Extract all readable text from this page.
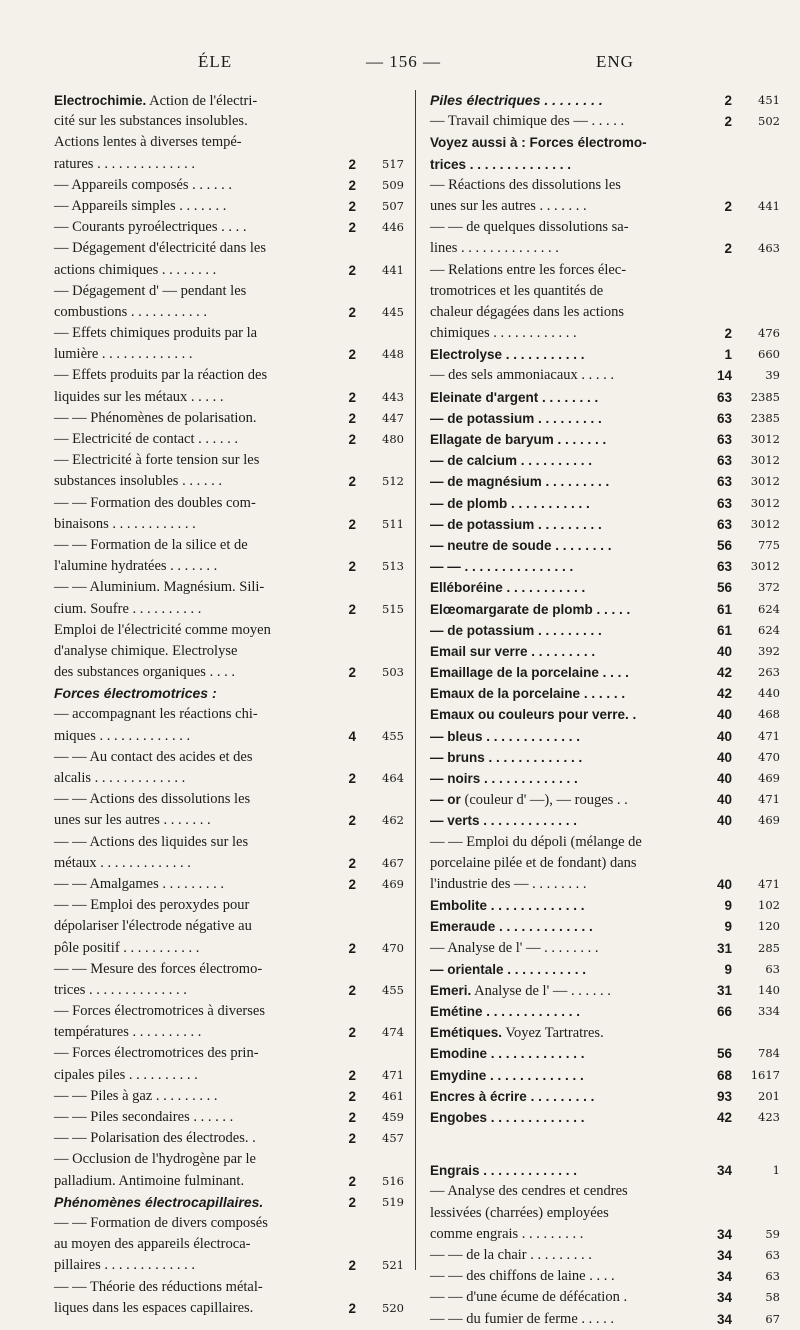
ÉLE	— 156 —	ENG
Electrochimie. Action de l'électri-
cité sur les substances insolubles.
Actions lentes à diverses tempé-
ratures . . . . . . . . . . . . . .	2	517
— Appareils composés . . . . . .	2	509
— Appareils simples . . . . . . .	2	507
— Courants pyroélectriques . . . .	2	446
— Dégagement d'électricité dans les
actions chimiques . . . . . . . .	2	441
— Dégagement d' — pendant les
combustions . . . . . . . . . . .	2	445
— Effets chimiques produits par la
lumière . . . . . . . . . . . . .	2	448
— Effets produits par la réaction des
liquides sur les métaux . . . . .	2	443
— — Phénomènes de polarisation.	2	447
— Electricité de contact . . . . . .	2	480
— Electricité à forte tension sur les
substances insolubles . . . . . .	2	512
— — Formation des doubles com-
binaisons . . . . . . . . . . . .	2	511
— — Formation de la silice et de
l'alumine hydratées . . . . . . .	2	513
— — Aluminium. Magnésium. Sili-
cium. Soufre . . . . . . . . . .	2	515
Emploi de l'électricité comme moyen
d'analyse chimique. Electrolyse
des substances organiques . . . .	2	503
Forces électromotrices :
— accompagnant les réactions chi-
miques . . . . . . . . . . . . .	4	455
— — Au contact des acides et des
alcalis . . . . . . . . . . . . .	2	464
— — Actions des dissolutions les
unes sur les autres . . . . . . .	2	462
— — Actions des liquides sur les
métaux . . . . . . . . . . . . .	2	467
— — Amalgames . . . . . . . . .	2	469
— — Emploi des peroxydes pour
dépolariser l'électrode négative au
pôle positif . . . . . . . . . . .	2	470
— — Mesure des forces électromo-
trices . . . . . . . . . . . . . .	2	455
— Forces électromotrices à diverses
températures . . . . . . . . . .	2	474
— Forces électromotrices des prin-
cipales piles . . . . . . . . . .	2	471
— — Piles à gaz . . . . . . . . .	2	461
— — Piles secondaires . . . . . .	2	459
— — Polarisation des électrodes. .	2	457
— Occlusion de l'hydrogène par le
palladium. Antimoine fulminant.	2	516
Phénomènes électrocapillaires.	2	519
— — Formation de divers composés
au moyen des appareils électroca-
pillaires . . . . . . . . . . . . .	2	521
— — Théorie des réductions métal-
liques dans les espaces capillaires.	2	520
Piles électriques . . . . . . . .	2	451
— Travail chimique des — . . . . .	2	502
Voyez aussi à : Forces électromo-
trices . . . . . . . . . . . . . .
— Réactions des dissolutions les
unes sur les autres . . . . . . .	2	441
— — de quelques dissolutions sa-
lines . . . . . . . . . . . . . .	2	463
— Relations entre les forces élec-
tromotrices et les quantités de
chaleur dégagées dans les actions
chimiques . . . . . . . . . . . .	2	476
Electrolyse . . . . . . . . . . .	1	660
— des sels ammoniacaux . . . . .	14	39
Eleinate d'argent . . . . . . . .	63	2385
— de potassium . . . . . . . . .	63	2385
Ellagate de baryum . . . . . . .	63	3012
— de calcium . . . . . . . . . .	63	3012
— de magnésium . . . . . . . . .	63	3012
— de plomb . . . . . . . . . . .	63	3012
— de potassium . . . . . . . . .	63	3012
— neutre de soude . . . . . . . .	56	775
— — . . . . . . . . . . . . . . .	63	3012
Elléboréine . . . . . . . . . . .	56	372
Elœomargarate de plomb . . . . .	61	624
— de potassium . . . . . . . . .	61	624
Email sur verre . . . . . . . . .	40	392
Emaillage de la porcelaine . . . .	42	263
Emaux de la porcelaine . . . . . .	42	440
Emaux ou couleurs pour verre. .	40	468
— bleus . . . . . . . . . . . . .	40	471
— bruns . . . . . . . . . . . . .	40	470
— noirs . . . . . . . . . . . . .	40	469
— or (couleur d' —), — rouges . .	40	471
— verts . . . . . . . . . . . . .	40	469
— — Emploi du dépoli (mélange de
porcelaine pilée et de fondant) dans
l'industrie des — . . . . . . . .	40	471
Embolite . . . . . . . . . . . . .	9	102
Emeraude . . . . . . . . . . . . .	9	120
— Analyse de l' — . . . . . . . .	31	285
— orientale . . . . . . . . . . .	9	63
Emeri. Analyse de l' — . . . . . .	31	140
Emétine . . . . . . . . . . . . .	66	334
Emétiques. Voyez Tartratres.
Emodine . . . . . . . . . . . . .	56	784
Emydine . . . . . . . . . . . . .	68	1617
Encres à écrire . . . . . . . . .	93	201
Engobes . . . . . . . . . . . . .	42	423
Engrais . . . . . . . . . . . . .	34	1
— Analyse des cendres et cendres
lessivées (charrées) employées
comme engrais . . . . . . . . .	34	59
— — de la chair . . . . . . . . .	34	63
— — des chiffons de laine . . . .	34	63
— — d'une écume de défécation .	34	58
— — du fumier de ferme . . . . .	34	67
